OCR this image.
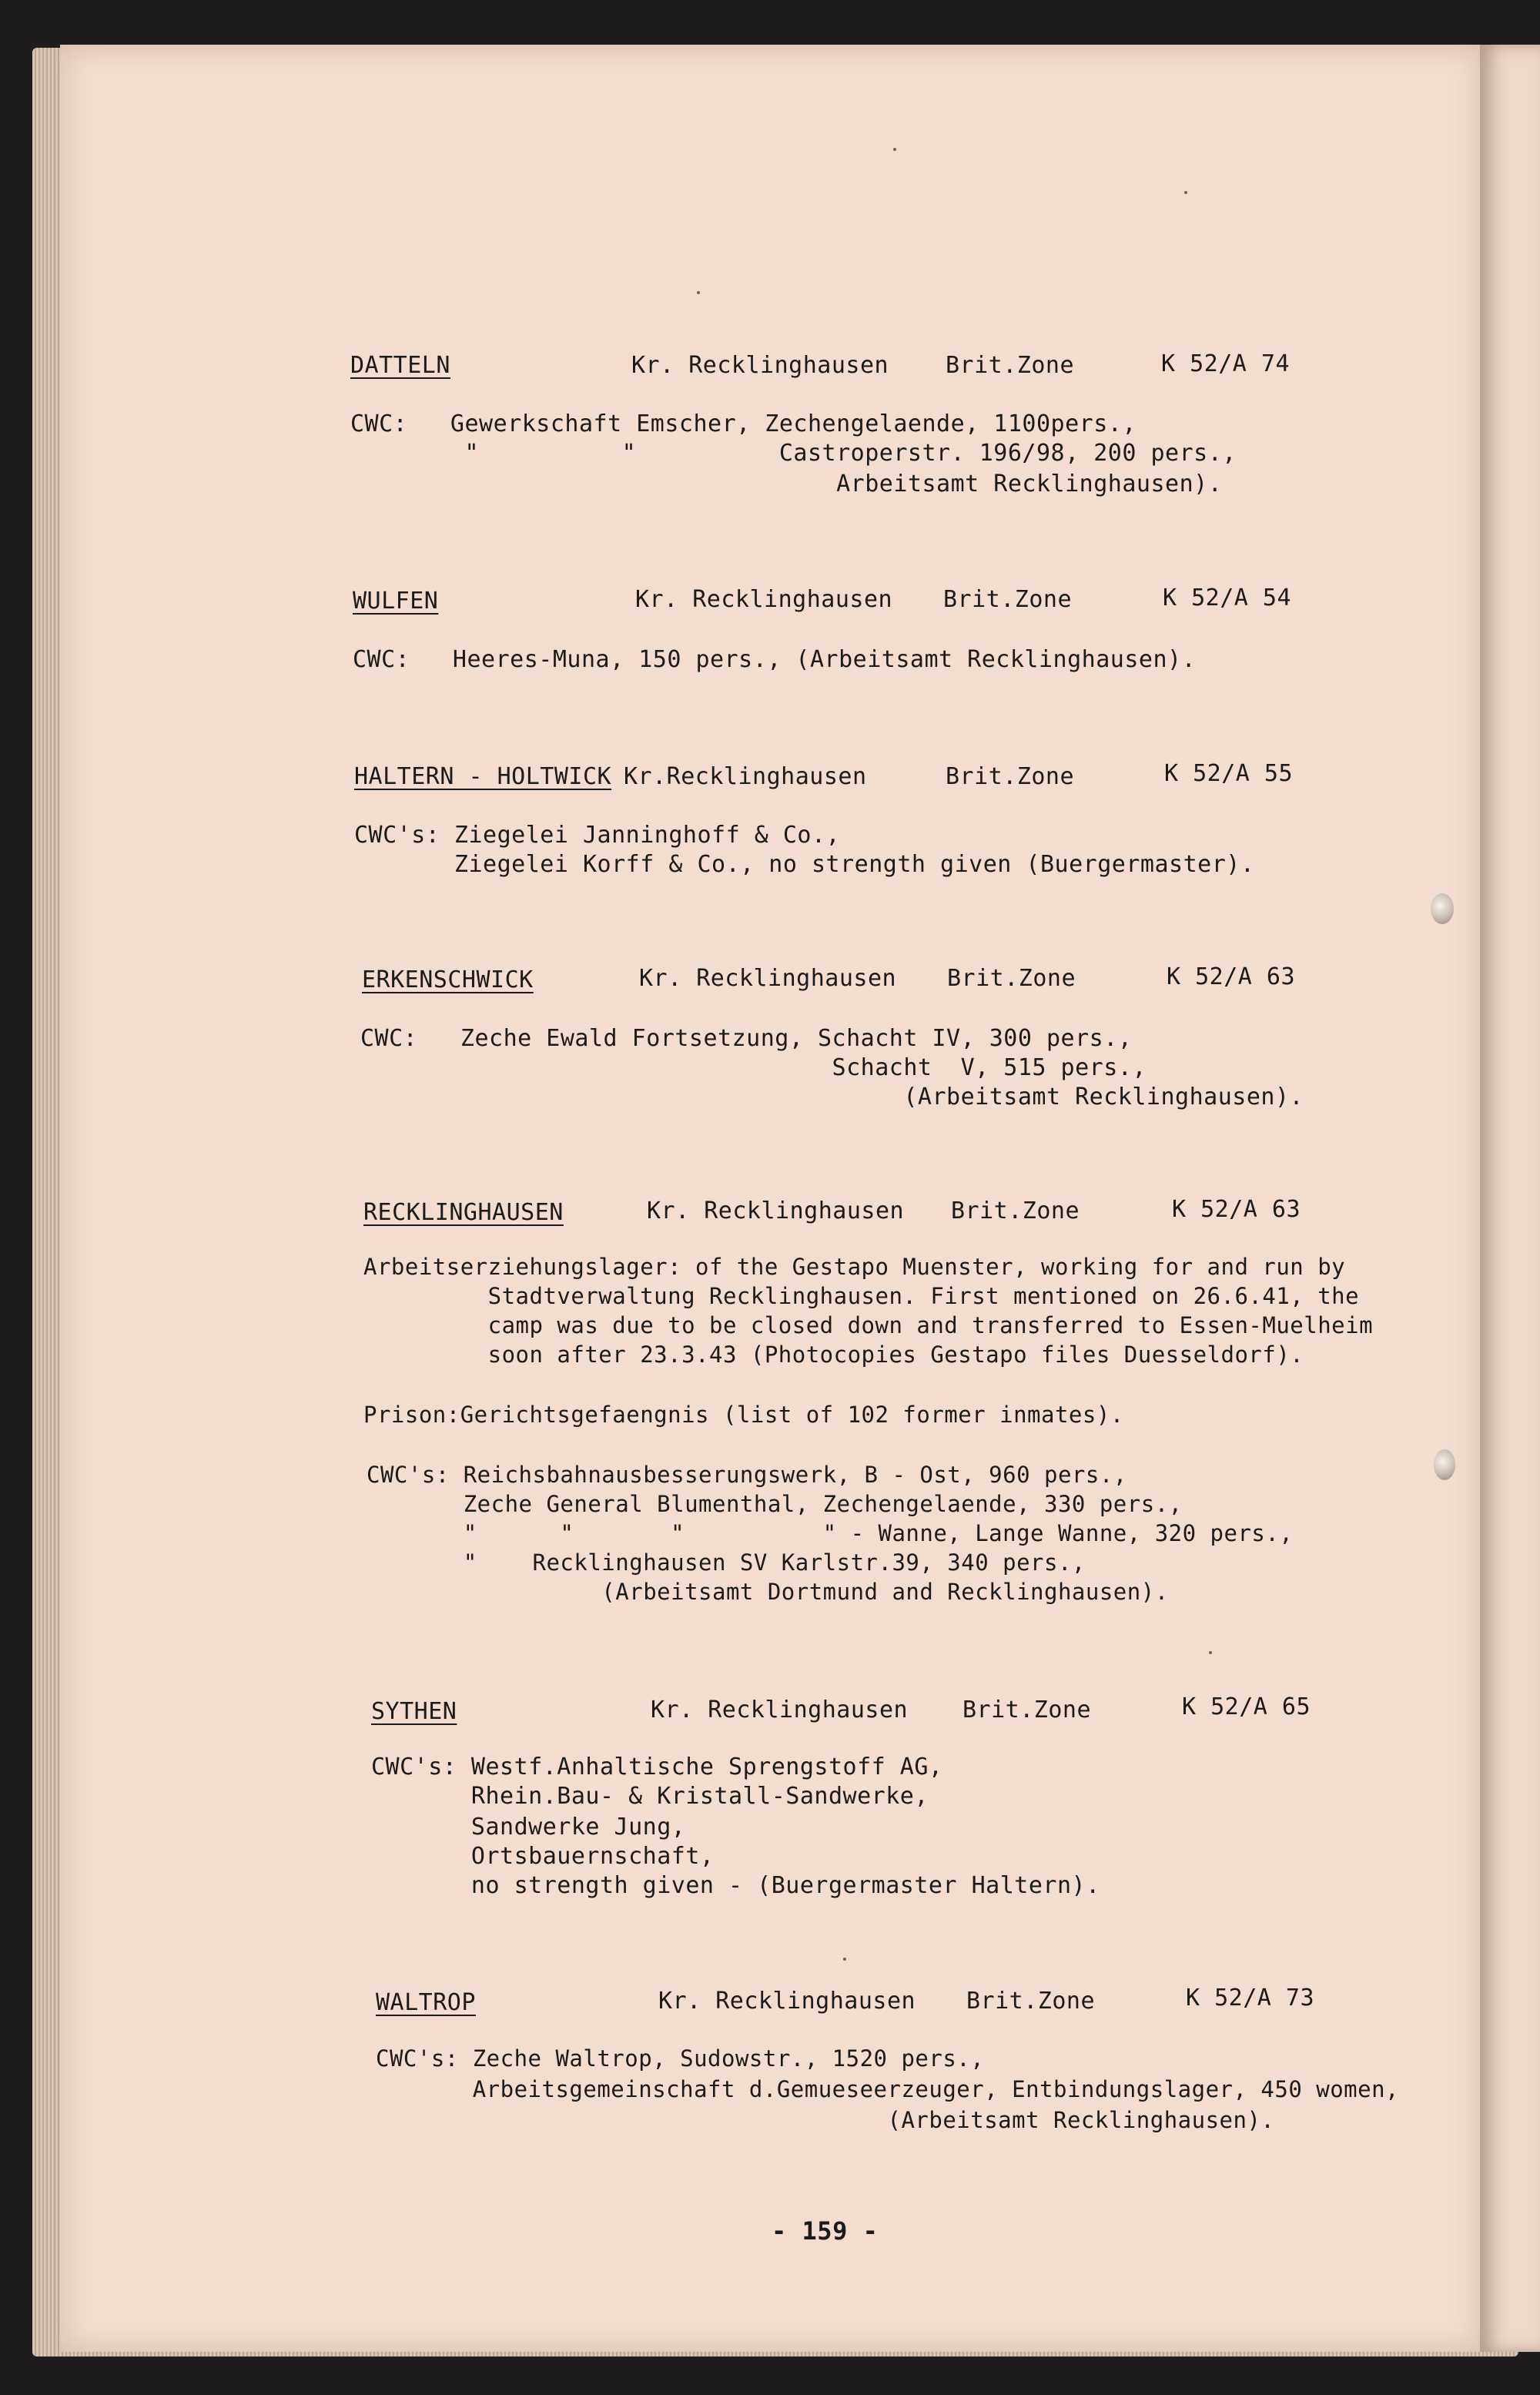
DATTELN	Kr. Recklinghausen Brit.Zone	K 52/A 74
CWC:   Gewerkschaft Emscher, Zechengelaende, 1100pers.,
"          "          Castroperstr. 196/98, 200 pers.,
Arbeitsamt Recklinghausen).
WULFEN	Kr. Recklinghausen Brit.Zone	K 52/A 54
CWC:   Heeres-Muna, 150 pers., (Arbeitsamt Recklinghausen).
HALTERN - HOLTWICK Kr.Recklinghausen	Brit.Zone	K 52/A 55
CWC's: Ziegelei Janninghoff & Co.,
Ziegelei Korff & Co., no strength given (Buergermaster).
ERKENSCHWICK	Kr. Recklinghausen Brit.Zone	K 52/A 63
CWC:   Zeche Ewald Fortsetzung, Schacht IV, 300 pers.,
Schacht  V, 515 pers.,
(Arbeitsamt Recklinghausen).
RECKLINGHAUSEN	Kr. Recklinghausen Brit.Zone	K 52/A 63
Arbeitserziehungslager: of the Gestapo Muenster, working for and run by
Stadtverwaltung Recklinghausen. First mentioned on 26.6.41, the
camp was due to be closed down and transferred to Essen-Muelheim
soon after 23.3.43 (Photocopies Gestapo files Duesseldorf).
Prison:Gerichtsgefaengnis (list of 102 former inmates).
CWC's: Reichsbahnausbesserungswerk, B - Ost, 960 pers.,
Zeche General Blumenthal, Zechengelaende, 330 pers.,
"      "       "          " - Wanne, Lange Wanne, 320 pers.,
"    Recklinghausen SV Karlstr.39, 340 pers.,
(Arbeitsamt Dortmund and Recklinghausen).
SYTHEN	Kr. Recklinghausen Brit.Zone	K 52/A 65
CWC's: Westf.Anhaltische Sprengstoff AG,
Rhein.Bau- & Kristall-Sandwerke,
Sandwerke Jung,
Ortsbauernschaft,
no strength given - (Buergermaster Haltern).
WALTROP	Kr. Recklinghausen Brit.Zone	K 52/A 73
CWC's: Zeche Waltrop, Sudowstr., 1520 pers.,
Arbeitsgemeinschaft d.Gemueseerzeuger, Entbindungslager, 450 women,
(Arbeitsamt Recklinghausen).
- 159 -
